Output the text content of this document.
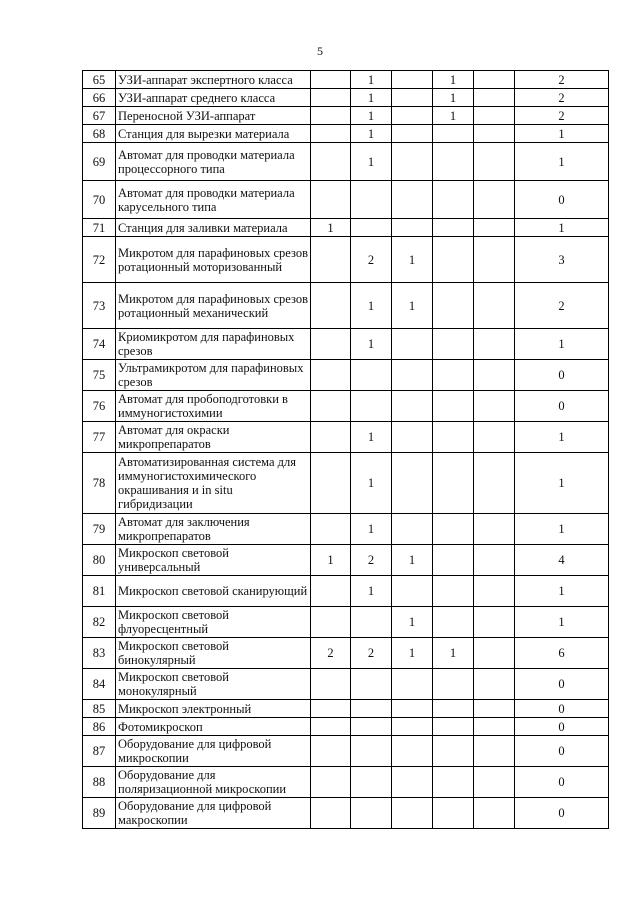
5
65	УЗИ-аппарат экспертного класса		1		1		2
66	УЗИ-аппарат среднего класса		1		1		2
67	Переносной УЗИ-аппарат		1		1		2
68	Станция для вырезки материала		1				1
69	Автомат для проводки материала процессорного типа		1				1
70	Автомат для проводки материала карусельного типа						0
71	Станция для заливки материала	1					1
72	Микротом для парафиновых срезов ротационный моторизованный		2	1			3
73	Микротом для парафиновых срезов ротационный механический		1	1			2
74	Криомикротом для парафиновых срезов		1				1
75	Ультрамикротом для парафиновых срезов						0
76	Автомат для пробоподготовки в иммуногистохимии						0
77	Автомат для окраски микропрепаратов		1				1
78	Автоматизированная система для иммуногистохимического окрашивания и in situ гибридизации		1				1
79	Автомат для заключения микропрепаратов		1				1
80	Микроскоп световой универсальный	1	2	1			4
81	Микроскоп световой сканирующий		1				1
82	Микроскоп световой флуоресцентный			1			1
83	Микроскоп световой бинокулярный	2	2	1	1		6
84	Микроскоп световой монокулярный						0
85	Микроскоп электронный						0
86	Фотомикроскоп						0
87	Оборудование для цифровой микроскопии						0
88	Оборудование для поляризационной микроскопии						0
89	Оборудование для цифровой макроскопии						0
